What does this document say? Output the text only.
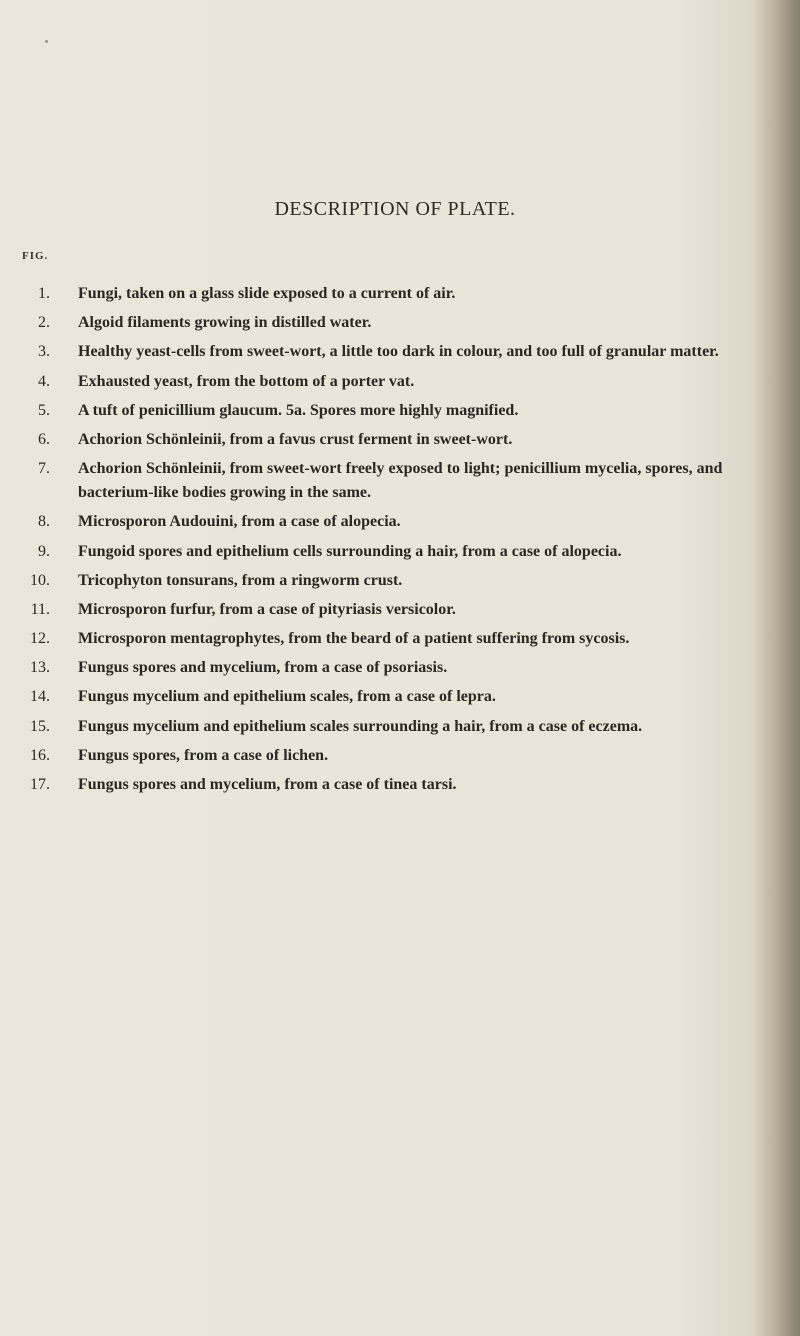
DESCRIPTION OF PLATE.
FIG.
1. Fungi, taken on a glass slide exposed to a current of air.
2. Algoid filaments growing in distilled water.
3. Healthy yeast-cells from sweet-wort, a little too dark in colour, and too full of granular matter.
4. Exhausted yeast, from the bottom of a porter vat.
5. A tuft of penicillium glaucum. 5a. Spores more highly magnified.
6. Achorion Schönleinii, from a favus crust ferment in sweet-wort.
7. Achorion Schönleinii, from sweet-wort freely exposed to light; penicillium mycelia, spores, and bacterium-like bodies growing in the same.
8. Microsporon Audouini, from a case of alopecia.
9. Fungoid spores and epithelium cells surrounding a hair, from a case of alopecia.
10. Tricophyton tonsurans, from a ringworm crust.
11. Microsporon furfur, from a case of pityriasis versicolor.
12. Microsporon mentagrophytes, from the beard of a patient suffering from sycosis.
13. Fungus spores and mycelium, from a case of psoriasis.
14. Fungus mycelium and epithelium scales, from a case of lepra.
15. Fungus mycelium and epithelium scales surrounding a hair, from a case of eczema.
16. Fungus spores, from a case of lichen.
17. Fungus spores and mycelium, from a case of tinea tarsi.
